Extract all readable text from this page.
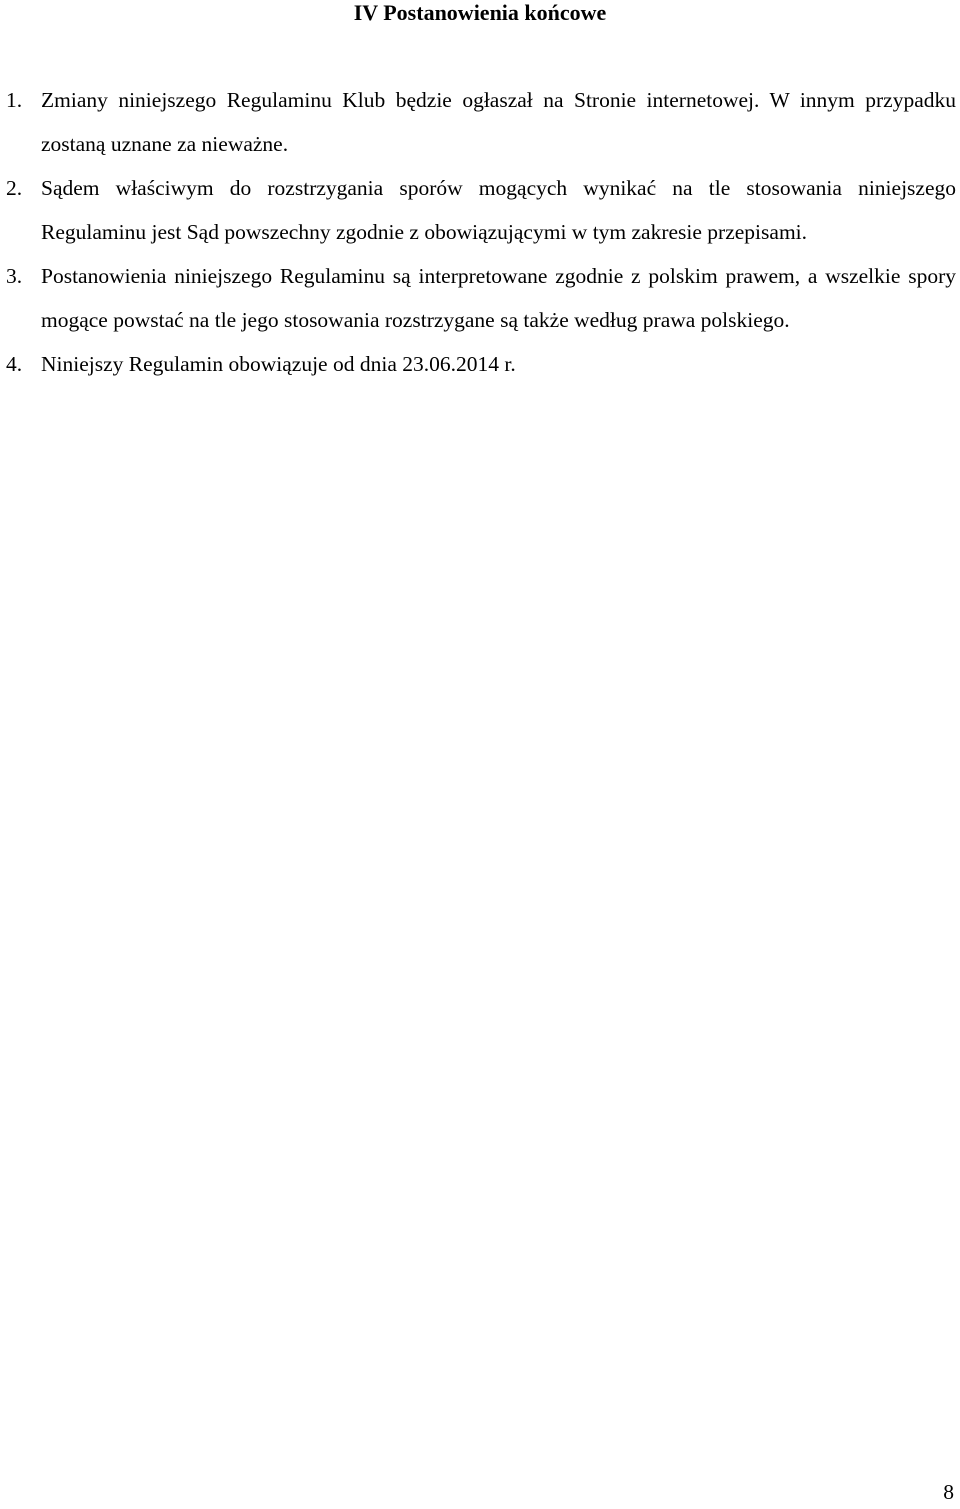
IV Postanowienia końcowe
1. Zmiany niniejszego Regulaminu Klub będzie ogłaszał na Stronie internetowej. W innym przypadku zostaną uznane za nieważne.
2. Sądem właściwym do rozstrzygania sporów mogących wynikać na tle stosowania niniejszego Regulaminu jest Sąd powszechny zgodnie z obowiązującymi w tym zakresie przepisami.
3. Postanowienia niniejszego Regulaminu są interpretowane zgodnie z polskim prawem, a wszelkie spory mogące powstać na tle jego stosowania rozstrzygane są także według prawa polskiego.
4. Niniejszy Regulamin obowiązuje od dnia 23.06.2014 r.
8
